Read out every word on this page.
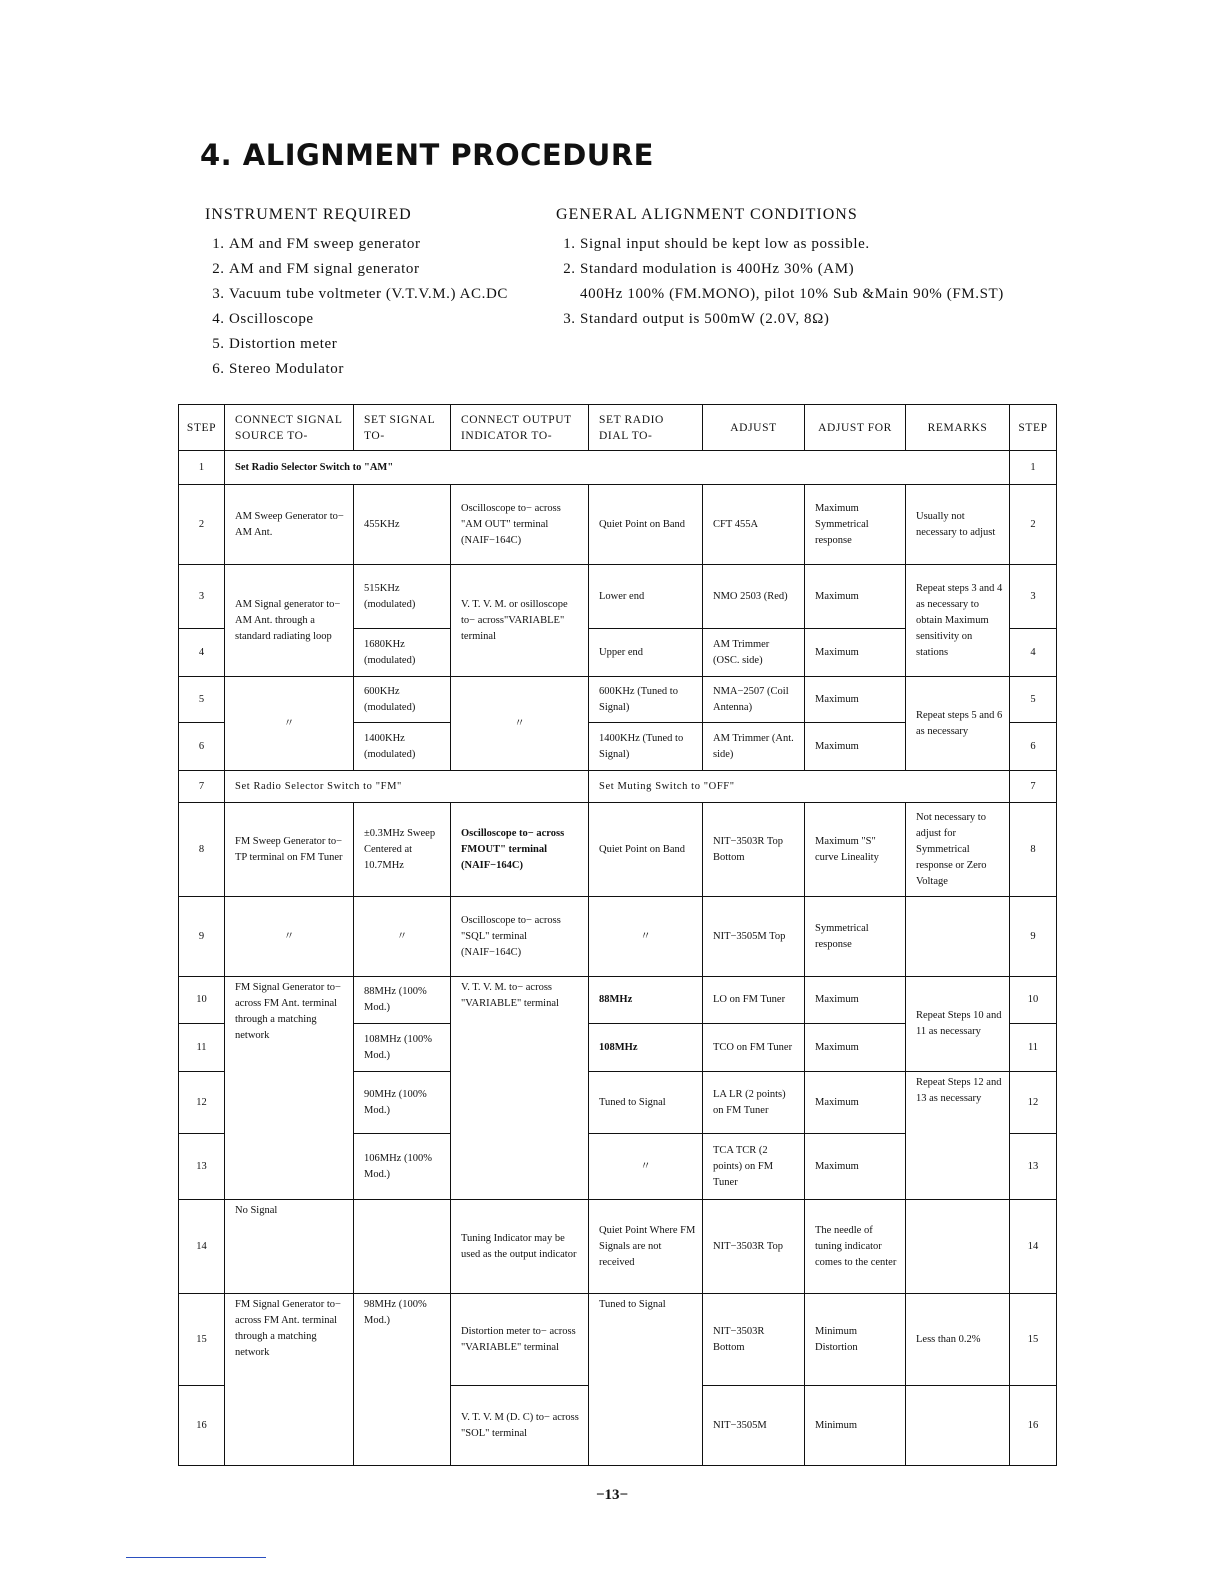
4. ALIGNMENT PROCEDURE
INSTRUMENT REQUIRED
1. AM and FM sweep generator
2. AM and FM signal generator
3. Vacuum tube voltmeter (V.T.V.M.) AC.DC
4. Oscilloscope
5. Distortion meter
6. Stereo Modulator
GENERAL ALIGNMENT CONDITIONS
1. Signal input should be kept low as possible.
2. Standard modulation is 400Hz 30% (AM)
400Hz 100% (FM.MONO), pilot 10% Sub &Main 90% (FM.ST)
3. Standard output is 500mW (2.0V, 8Ω)
STEP	CONNECT SIGNAL SOURCE TO-	SET SIGNAL TO-	CONNECT OUTPUT INDICATOR TO-	SET RADIO DIAL TO-	ADJUST	ADJUST FOR	REMARKS	STEP
1	Set Radio Selector Switch to "AM"							1
2	AM Sweep Generator to− AM Ant.	455KHz	Oscilloscope to− across "AM OUT" terminal (NAIF−164C)	Quiet Point on Band	CFT 455A	Maximum Symmetrical response	Usually not necessary to adjust	2
3	AM Signal generator to− AM Ant. through a standard radiating loop	515KHz (modulated)	V. T. V. M. or osilloscope to− across"VARIABLE" terminal	Lower end	NMO 2503 (Red)	Maximum	Repeat steps 3 and 4 as necessary to obtain Maximum sensitivity on stations	3
4		1680KHz (modulated)		Upper end	AM Trimmer (OSC. side)	Maximum		4
5	〃	600KHz (modulated)	〃	600KHz (Tuned to Signal)	NMA−2507 (Coil Antenna)	Maximum	Repeat steps 5 and 6 as necessary	5
6		1400KHz (modulated)		1400KHz (Tuned to Signal)	AM Trimmer (Ant. side)	Maximum		6
7	Set Radio Selector Switch to "FM"			Set Muting Switch to "OFF"				7
8	FM Sweep Generator to− TP terminal on FM Tuner	±0.3MHz Sweep Centered at 10.7MHz	Oscilloscope to− across FMOUT" terminal (NAIF−164C)	Quiet Point on Band	NIT−3503R Top Bottom	Maximum "S" curve Lineality	Not necessary to adjust for Symmetrical response or Zero Voltage	8
9	〃	〃	Oscilloscope to− across "SQL" terminal (NAIF−164C)	〃	NIT−3505M Top	Symmetrical response		9
10	FM Signal Generator to− across FM Ant. terminal through a matching network	88MHz (100% Mod.)	V. T. V. M. to− across "VARIABLE" terminal	88MHz	LO on FM Tuner	Maximum	Repeat Steps 10 and 11 as necessary	10
11		108MHz (100% Mod.)		108MHz	TCO on FM Tuner	Maximum		11
12		90MHz (100% Mod.)		Tuned to Signal	LA LR (2 points) on FM Tuner	Maximum	Repeat Steps 12 and 13 as necessary	12
13		106MHz (100% Mod.)		〃	TCA TCR (2 points) on FM Tuner	Maximum		13
14	No Signal		Tuning Indicator may be used as the output indicator	Quiet Point Where FM Signals are not received	NIT−3503R Top	The needle of tuning indicator comes to the center		14
15	FM Signal Generator to− across FM Ant. terminal through a matching network	98MHz (100% Mod.)	Distortion meter to− across "VARIABLE" terminal	Tuned to Signal	NIT−3503R Bottom	Minimum Distortion	Less than 0.2%	15
16			V. T. V. M (D. C) to− across "SOL" terminal		NIT−3505M	Minimum		16
−13−
